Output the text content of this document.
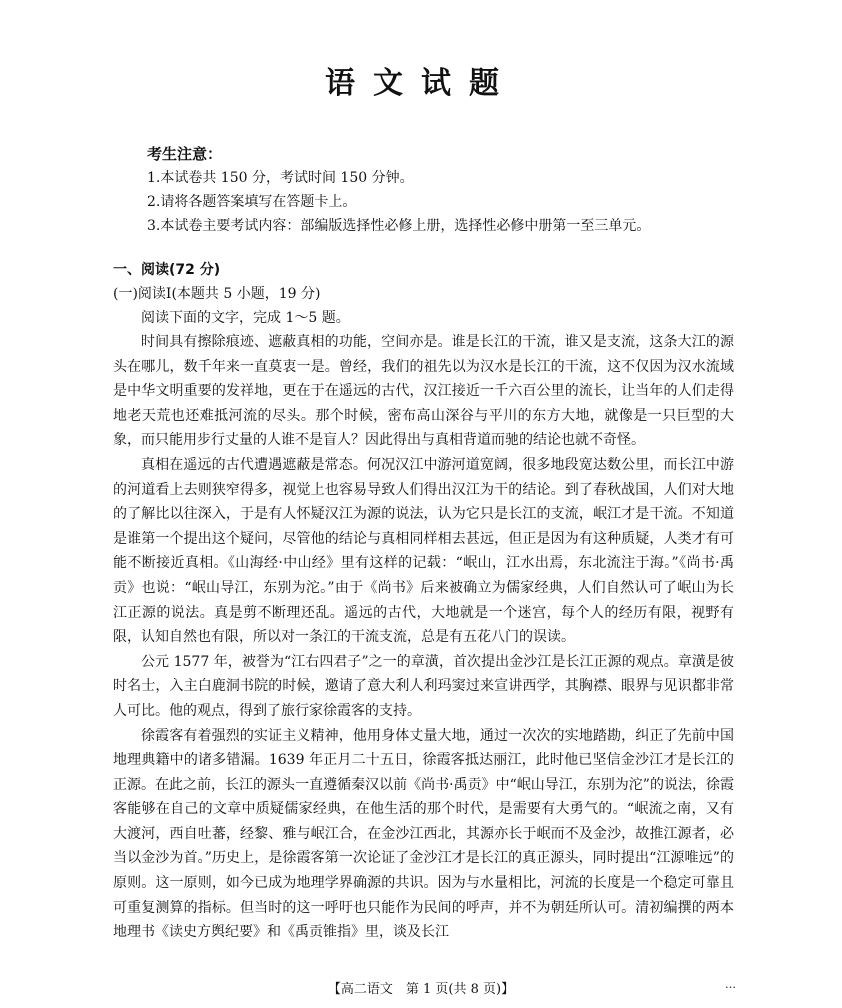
语文试题
考生注意：
1.本试卷共 150 分，考试时间 150 分钟。
2.请将各题答案填写在答题卡上。
3.本试卷主要考试内容：部编版选择性必修上册，选择性必修中册第一至三单元。
一、阅读(72 分)
(一)阅读Ⅰ(本题共 5 小题，19 分)
阅读下面的文字，完成 1～5 题。

时间具有擦除痕迹、遮蔽真相的功能，空间亦是。谁是长江的干流，谁又是支流，这条大江的源头在哪儿，数千年来一直莫衷一是。曾经，我们的祖先以为汉水是长江的干流，这不仅因为汉水流域是中华文明重要的发祥地，更在于在遥远的古代，汉江接近一千六百公里的流长，让当年的人们走得地老天荒也还难抵河流的尽头。那个时候，密布高山深谷与平川的东方大地，就像是一只巨型的大象，而只能用步行丈量的人谁不是盲人？因此得出与真相背道而驰的结论也就不奇怪。

真相在遥远的古代遭遇遮蔽是常态。何况汉江中游河道宽阔，很多地段宽达数公里，而长江中游的河道看上去则狭窄得多，视觉上也容易导致人们得出汉江为干的结论。到了春秋战国，人们对大地的了解比以往深入，于是有人怀疑汉江为源的说法，认为它只是长江的支流，岷江才是干流。不知道是谁第一个提出这个疑问，尽管他的结论与真相同样相去甚远，但正是因为有这种质疑，人类才有可能不断接近真相。《山海经·中山经》里有这样的记载：“岷山，江水出焉，东北流注于海。”《尚书·禹贡》也说：“岷山导江，东别为沱。”由于《尚书》后来被确立为儒家经典，人们自然认可了岷山为长江正源的说法。真是剪不断理还乱。遥远的古代，大地就是一个迷宫，每个人的经历有限，视野有限，认知自然也有限，所以对一条江的干流支流，总是有五花八门的误读。

公元 1577 年，被誉为“江右四君子”之一的章潢，首次提出金沙江是长江正源的观点。章潢是彼时名士，入主白鹿洞书院的时候，邀请了意大利人利玛窦过来宣讲西学，其胸襟、眼界与见识都非常人可比。他的观点，得到了旅行家徐霞客的支持。

徐霞客有着强烈的实证主义精神，他用身体丈量大地，通过一次次的实地踏勘，纠正了先前中国地理典籍中的诸多错漏。1639 年正月二十五日，徐霞客抵达丽江，此时他已坚信金沙江才是长江的正源。在此之前，长江的源头一直遵循秦汉以前《尚书·禹贡》中“岷山导江，东别为沱”的说法，徐霞客能够在自己的文章中质疑儒家经典，在他生活的那个时代，是需要有大勇气的。“岷流之南，又有大渡河，西自吐蕃，经黎、雅与岷江合，在金沙江西北，其源亦长于岷而不及金沙，故推江源者，必当以金沙为首。”历史上，是徐霞客第一次论证了金沙江才是长江的真正源头，同时提出“江源唯远”的原则。这一原则，如今已成为地理学界确源的共识。因为与水量相比，河流的长度是一个稳定可靠且可重复测算的指标。但当时的这一呼吁也只能作为民间的呼声，并不为朝廷所认可。清初编撰的两本地理书《读史方舆纪要》和《禹贡锥指》里，谈及长江

【高二语文　第 1 页(共 8 页)】	…
